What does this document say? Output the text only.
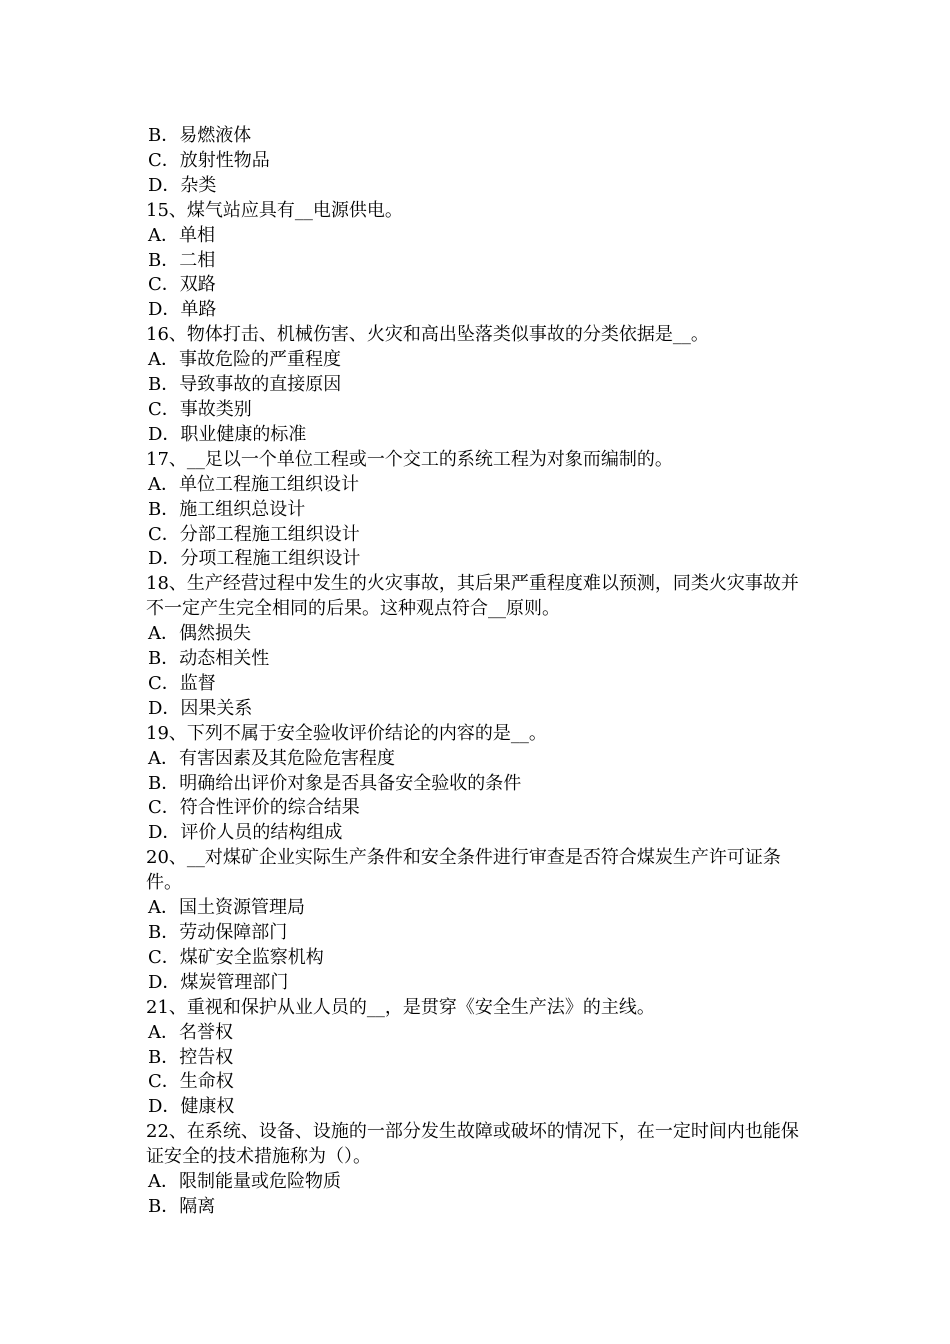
B．易燃液体
C．放射性物品
D．杂类
15、煤气站应具有__电源供电。
A．单相
B．二相
C．双路
D．单路
16、物体打击、机械伤害、火灾和高出坠落类似事故的分类依据是__。
A．事故危险的严重程度
B．导致事故的直接原因
C．事故类别
D．职业健康的标准
17、__足以一个单位工程或一个交工的系统工程为对象而编制的。
A．单位工程施工组织设计
B．施工组织总设计
C．分部工程施工组织设计
D．分项工程施工组织设计
18、生产经营过程中发生的火灾事故，其后果严重程度难以预测，同类火灾事故并不一定产生完全相同的后果。这种观点符合__原则。
A．偶然损失
B．动态相关性
C．监督
D．因果关系
19、下列不属于安全验收评价结论的内容的是__。
A．有害因素及其危险危害程度
B．明确给出评价对象是否具备安全验收的条件
C．符合性评价的综合结果
D．评价人员的结构组成
20、__对煤矿企业实际生产条件和安全条件进行审查是否符合煤炭生产许可证条件。
A．国土资源管理局
B．劳动保障部门
C．煤矿安全监察机构
D．煤炭管理部门
21、重视和保护从业人员的__，是贯穿《安全生产法》的主线。
A．名誉权
B．控告权
C．生命权
D．健康权
22、在系统、设备、设施的一部分发生故障或破坏的情况下，在一定时间内也能保证安全的技术措施称为（）。
A．限制能量或危险物质
B．隔离
